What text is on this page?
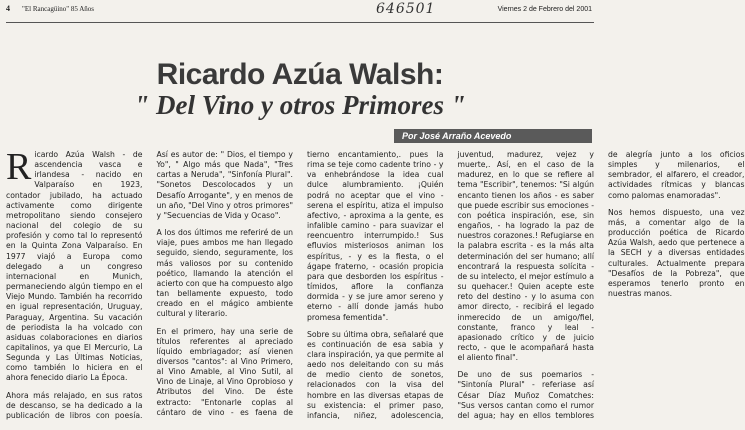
4 "El Rancagüino" 85 Años	646501	Viernes 2 de Febrero del 2001
Ricardo Azúa Walsh:
" Del Vino y otros Primores "
Por José Arraño Acevedo

Ricardo Azúa Walsh - de ascendencia vasca e irlandesa - nacido en Valparaíso en 1923, contador jubilado, ha actuado activamente como dirigente metropolitano siendo consejero nacional del colegio de su profesión y como tal lo representó en la Quinta Zona Valparaíso. En 1977 viajó a Europa como delegado a un congreso internacional en Munich, permaneciendo algún tiempo en el Viejo Mundo. También ha recorrido en igual representación, Uruguay, Paraguay, Argentina. Su vacación de periodista la ha volcado con asiduas colaboraciones en diarios capitalinos, ya que El Mercurio, La Segunda y Las Últimas Noticias, como también lo hiciera en el ahora fenecido diario La Época.

Ahora más relajado, en sus ratos de descanso, se ha dedicado a la publicación de libros con poesía. Así es autor de: " Dios, el tiempo y Yo", " Algo más que Nada", "Tres cartas a Neruda", "Sinfonía Plural". "Sonetos Descolocados y un Desafío Arrogante", y en menos de un año, "Del Vino y otros primores" y "Secuencias de Vida y Ocaso".

A los dos últimos me referiré de un viaje, pues ambos me han llegado seguido, siendo, seguramente, los más valiosos por su contenido poético, llamando la atención el acierto con que ha compuesto algo tan bellamente expuesto, todo creado en el mágico ambiente cultural y literario.

En el primero, hay una serie de títulos referentes al apreciado líquido embriagador; así vienen diversos "cantos": al Vino Primero, al Vino Amable, al Vino Sutil, al Vino de Linaje, al Vino Oprobioso y Atributos del Vino. De éste extracto: "Entonarle coplas al cántaro de vino - es faena de tierno encantamiento,. pues la rima se teje como cadente trino - y va enhebrándose la idea cual dulce alumbramiento. ¡Quién podrá no aceptar que el vino - serena el espíritu, atiza el impulso afectivo, - aproxima a la gente, es infalible camino - para suavizar el reencuentro interrumpido.! Sus efluvios misteriosos animan los espíritus, - y es la fiesta, o el ágape fraterno, - ocasión propicia para que desborden los espíritus - tímidos, aflore la confianza dormida - y se jure amor sereno y eterno - allí donde jamás hubo promesa fementida".

Sobre su última obra, señalaré que es continuación de esa sabia y clara inspiración, ya que permite al aedo nos deleitando con su más de medio ciento de sonetos, relacionados con la visa del hombre en las diversas etapas de su existencia: el primer paso, infancia, niñez, adolescencia, juventud, madurez, vejez y muerte,. Así, en el caso de la madurez, en lo que se refiere al tema "Escribir", tenemos: "Si algún encanto tienen los años - es saber que puede escribir sus emociones - con poética inspiración, ese, sin engaños, - ha logrado la paz de nuestros corazones.! Refugiarse en la palabra escrita - es la más alta determinación del ser humano; allí encontrará la respuesta solícita - de su intelecto, el mejor estímulo a su quehacer.! Quien acepte este reto del destino - y lo asuma con amor directo, - recibirá el legado inmerecido de un amigo/fiel, constante, franco y leal - apasionado crítico y de juicio recto, - que le acompañará hasta el aliento final".

De uno de sus poemarios - "Sintonía Plural" - referiase así César Díaz Muñoz Comatches: "Sus versos cantan como el rumor del agua; hay en ellos temblores de alegría junto a los oficios simples y milenarios, el sembrador, el alfarero, el creador, actividades rítmicas y blancas como palomas enamoradas".

Nos hemos dispuesto, una vez más, a comentar algo de la producción poética de Ricardo Azúa Walsh, aedo que pertenece a la SECH y a diversas entidades culturales. Actualmente prepara "Desafíos de la Pobreza", que esperamos tenerlo pronto en nuestras manos.
